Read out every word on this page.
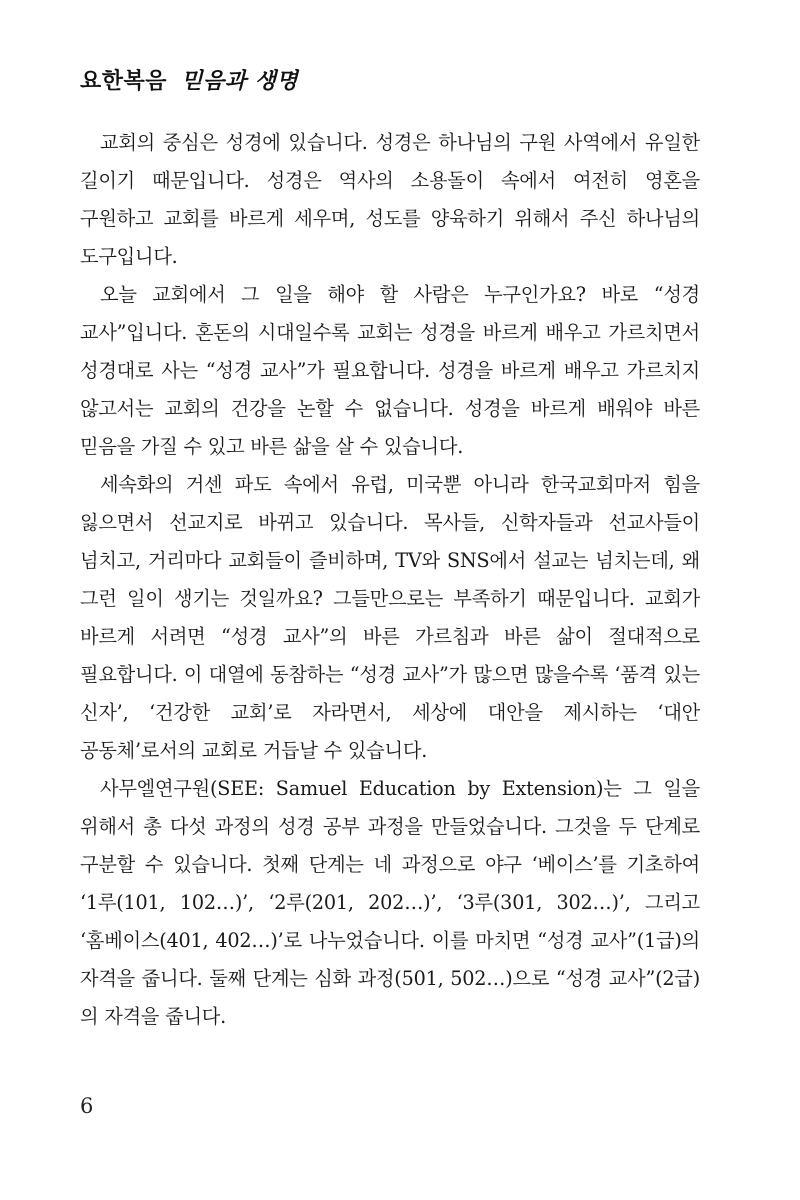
요한복음 믿음과 생명

교회의 중심은 성경에 있습니다. 성경은 하나님의 구원 사역에서 유일한 길이기 때문입니다. 성경은 역사의 소용돌이 속에서 여전히 영혼을 구원하고 교회를 바르게 세우며, 성도를 양육하기 위해서 주신 하나님의 도구입니다.

오늘 교회에서 그 일을 해야 할 사람은 누구인가요? 바로 “성경 교사”입니다. 혼돈의 시대일수록 교회는 성경을 바르게 배우고 가르치면서 성경대로 사는 “성경 교사”가 필요합니다. 성경을 바르게 배우고 가르치지 않고서는 교회의 건강을 논할 수 없습니다. 성경을 바르게 배워야 바른 믿음을 가질 수 있고 바른 삶을 살 수 있습니다.

세속화의 거센 파도 속에서 유럽, 미국뿐 아니라 한국교회마저 힘을 잃으면서 선교지로 바뀌고 있습니다. 목사들, 신학자들과 선교사들이 넘치고, 거리마다 교회들이 즐비하며, TV와 SNS에서 설교는 넘치는데, 왜 그런 일이 생기는 것일까요? 그들만으로는 부족하기 때문입니다. 교회가 바르게 서려면 “성경 교사”의 바른 가르침과 바른 삶이 절대적으로 필요합니다. 이 대열에 동참하는 “성경 교사”가 많으면 많을수록 ‘품격 있는 신자’, ‘건강한 교회’로 자라면서, 세상에 대안을 제시하는 ‘대안 공동체’로서의 교회로 거듭날 수 있습니다.

사무엘연구원(SEE: Samuel Education by Extension)는 그 일을 위해서 총 다섯 과정의 성경 공부 과정을 만들었습니다. 그것을 두 단계로 구분할 수 있습니다. 첫째 단계는 네 과정으로 야구 ‘베이스’를 기초하여 ‘1루(101, 102…)’, ‘2루(201, 202…)’, ‘3루(301, 302…)’, 그리고 ‘홈베이스(401, 402…)’로 나누었습니다. 이를 마치면 “성경 교사”(1급)의 자격을 줍니다. 둘째 단계는 심화 과정(501, 502…)으로 “성경 교사”(2급)의 자격을 줍니다.

6
